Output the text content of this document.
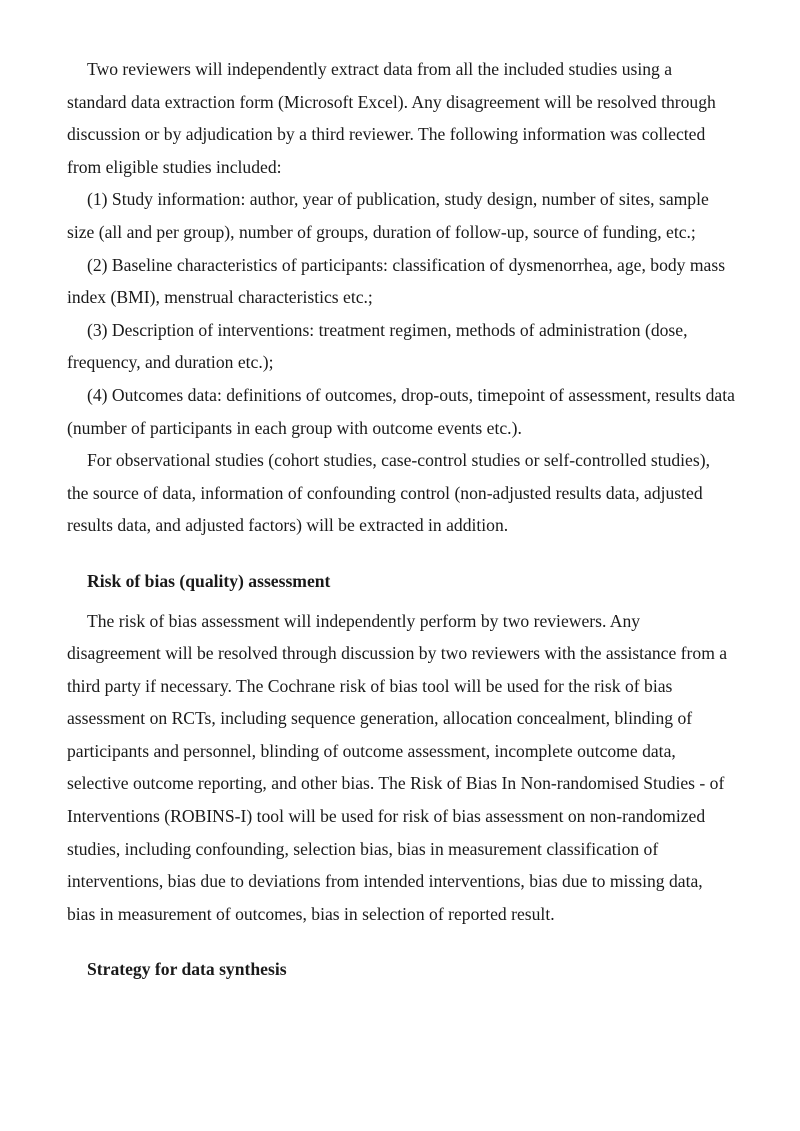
Two reviewers will independently extract data from all the included studies using a standard data extraction form (Microsoft Excel). Any disagreement will be resolved through discussion or by adjudication by a third reviewer. The following information was collected from eligible studies included:

(1) Study information: author, year of publication, study design, number of sites, sample size (all and per group), number of groups, duration of follow-up, source of funding, etc.;

(2) Baseline characteristics of participants: classification of dysmenorrhea, age, body mass index (BMI), menstrual characteristics etc.;

(3) Description of interventions: treatment regimen, methods of administration (dose, frequency, and duration etc.);

(4) Outcomes data: definitions of outcomes, drop-outs, timepoint of assessment, results data (number of participants in each group with outcome events etc.).

For observational studies (cohort studies, case-control studies or self-controlled studies), the source of data, information of confounding control (non-adjusted results data, adjusted results data, and adjusted factors) will be extracted in addition.

Risk of bias (quality) assessment

The risk of bias assessment will independently perform by two reviewers. Any disagreement will be resolved through discussion by two reviewers with the assistance from a third party if necessary. The Cochrane risk of bias tool will be used for the risk of bias assessment on RCTs, including sequence generation, allocation concealment, blinding of participants and personnel, blinding of outcome assessment, incomplete outcome data, selective outcome reporting, and other bias. The Risk of Bias In Non-randomised Studies - of Interventions (ROBINS-I) tool will be used for risk of bias assessment on non-randomized studies, including confounding, selection bias, bias in measurement classification of interventions, bias due to deviations from intended interventions, bias due to missing data, bias in measurement of outcomes, bias in selection of reported result.

Strategy for data synthesis
